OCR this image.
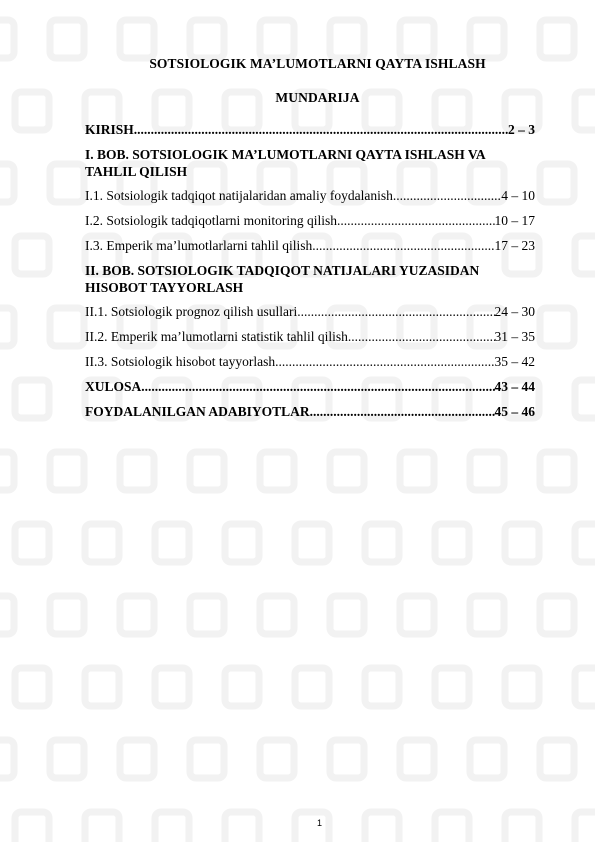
SOTSIOLOGIK MA’LUMOTLARNI QAYTA ISHLASH
MUNDARIJA
KIRISH .....	2 – 3
I. BOB. SOTSIOLOGIK MA’LUMOTLARNI QAYTA ISHLASH VA TAHLIL QILISH
I.1. Sotsiologik tadqiqot natijalaridan amaliy foydalanish .....	4 – 10
I.2. Sotsiologik tadqiqotlarni monitoring qilish .....	10 – 17
I.3. Emperik ma’lumotlarlarni tahlil qilish .....	17 – 23
II. BOB. SOTSIOLOGIK TADQIQOT NATIJALARI YUZASIDAN HISOBOT TAYYORLASH
II.1. Sotsiologik prognoz qilish usullari .....	24 – 30
II.2. Emperik ma’lumotlarni statistik tahlil qilish .....	31 – 35
II.3. Sotsiologik hisobot tayyorlash .....	35 – 42
XULOSA .....	43 – 44
FOYDALANILGAN ADABIYOTLAR .....	45 – 46
1
